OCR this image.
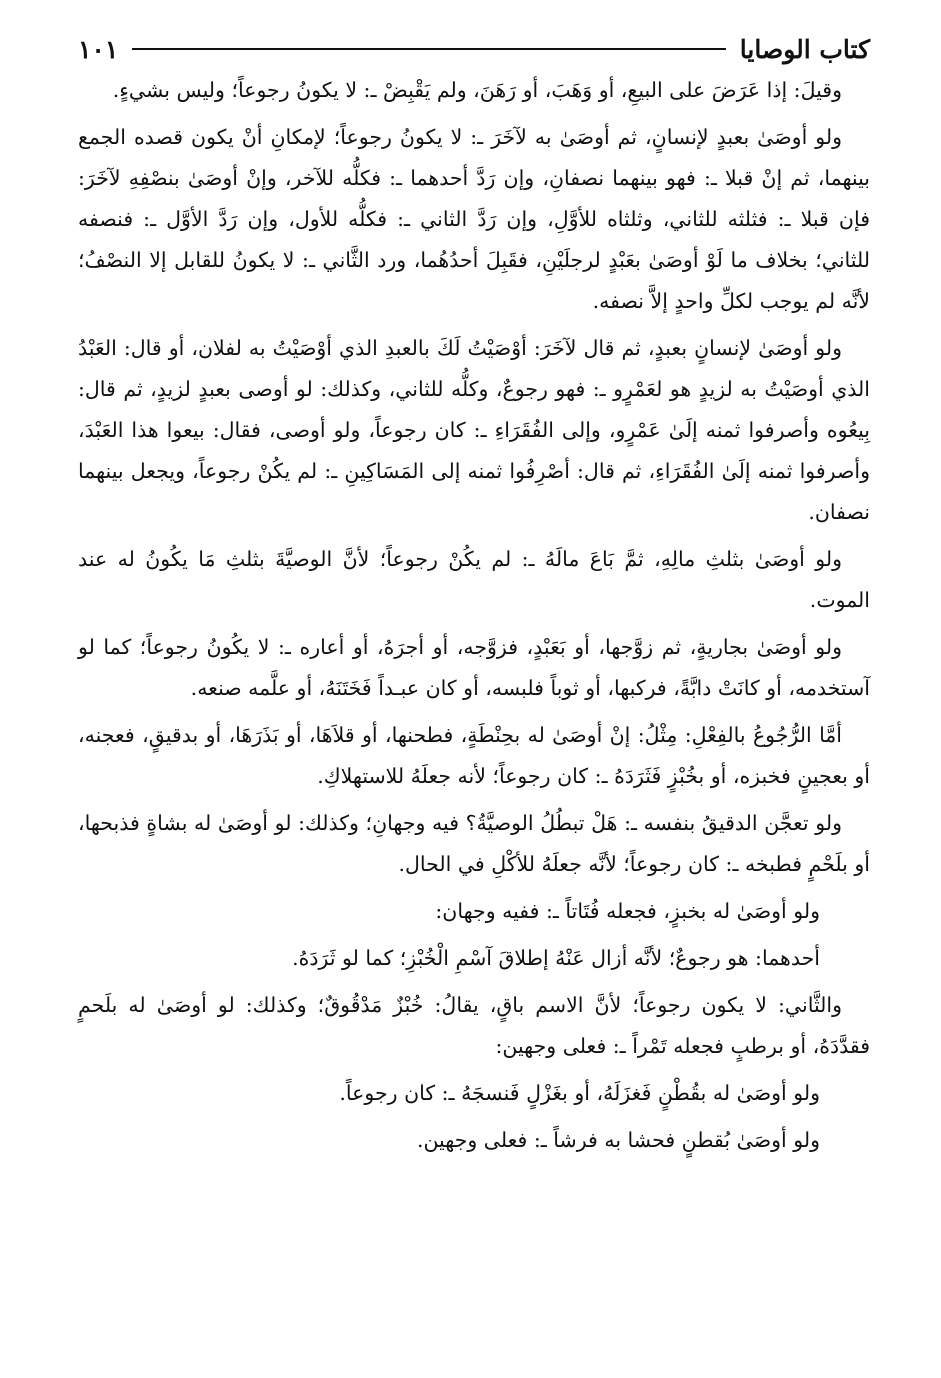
كتاب الوصايا
١٠١

وقيلَ: إذا عَرَضَ على البيعِ، أو وَهَبَ، أو رَهَنَ، ولم يَقْبِضْ ـ: لا يكونُ رجوعاً؛ وليس بشيءٍ.

ولو أوصَىٰ بعبدٍ لإنسانٍ، ثم أوصَىٰ به لآخَرَ ـ: لا يكونُ رجوعاً؛ لإمكانِ أنْ يكون قصده الجمع بينهما، ثم إنْ قبلا ـ: فهو بينهما نصفانِ، وإن رَدَّ أحدهما ـ: فكلُّه للآخر، وإنْ أوصَىٰ بنصْفِهِ لآخَرَ: فإن قبلا ـ: فثلثه للثاني، وثلثاه للأوَّلِ، وإن رَدَّ الثاني ـ: فكلُّه للأول، وإن رَدَّ الأوَّل ـ: فنصفه للثاني؛ بخلاف ما لَوْ أوصَىٰ بعَبْدٍ لرجلَيْنِ، فقَبِلَ أحدُهُما، ورد الثَّاني ـ: لا يكونُ للقابل إلا النصْفُ؛ لأنَّه لم يوجب لكلِّ واحدٍ إلاَّ نصفه.

ولو أوصَىٰ لإنسانٍ بعبدٍ، ثم قال لآخَرَ: أوْصَيْتُ لَكَ بالعبدِ الذي أوْصَيْتُ به لفلان، أو قال: العَبْدُ الذي أوصَيْتُ به لزيدٍ هو لعَمْرٍو ـ: فهو رجوعٌ، وكلُّه للثاني، وكذلك: لو أوصى بعبدٍ لزيدٍ، ثم قال: بِيعُوه وأصرفوا ثمنه إلَىٰ عَمْرٍو، وإلى الفُقَرَاءِ ـ: كان رجوعاً، ولو أوصى، فقال: بيعوا هذا العَبْدَ، وأصرفوا ثمنه إلَىٰ الفُقَرَاءِ، ثم قال: أصْرِفُوا ثمنه إلى المَسَاكِينِ ـ: لم يكُنْ رجوعاً، ويجعل بينهما نصفان.

ولو أوصَىٰ بثلثِ مالِهِ، ثمَّ بَاعَ مالَهُ ـ: لم يكُنْ رجوعاً؛ لأنَّ الوصيَّةَ بثلثِ مَا يكُونُ له عند الموت.

ولو أوصَىٰ بجاريةٍ، ثم زوَّجها، أو بَعَبْدٍ، فزوَّجه، أو أجرَهُ، أو أعاره ـ: لا يكُونُ رجوعاً؛ كما لو آستخدمه، أو كانَتْ دابَّةً، فركبها، أو ثوباً فلبسه، أو كان عبـداً فَخَتَنَهُ، أو علَّمه صنعه.

أمَّا الرُّجُوعُ بالفِعْلِ: مِثْلُ: إنْ أوصَىٰ له بحِنْطَةٍ، فطحنها، أو قلاَهَا، أو بَذَرَهَا، أو بدقيقٍ، فعجنه، أو بعجينٍ فخبزه، أو بخُبْزٍ فَثَرَدَهُ ـ: كان رجوعاً؛ لأنه جعلَهُ للاستهلاكِ.

ولو تعجَّن الدقيقُ بنفسه ـ: هَلْ تبطُلُ الوصيَّةُ؟ فيه وجهانِ؛ وكذلك: لو أوصَىٰ له بشاةٍ فذبحها، أو بلَحْمٍ فطبخه ـ: كان رجوعاً؛ لأنَّه جعلَهُ للأكْلِ في الحال.

ولو أوصَىٰ له بخبزٍ، فجعله فُتَاتاً ـ: ففيه وجهان:

أحدهما: هو رجوعٌ؛ لأنَّه أزال عَنْهُ إطلاقَ آسْمِ الْخُبْزِ؛ كما لو ثَرَدَهُ.

والثَّاني: لا يكون رجوعاً؛ لأنَّ الاسم باقٍ، يقالُ: خُبْزٌ مَدْقُوقٌ؛ وكذلك: لو أوصَىٰ له بلَحمٍ فقدَّدَهُ، أو برطبٍ فجعله تَمْراً ـ: فعلى وجهين:

ولو أوصَىٰ له بقُطْنٍ فَغزَلَهُ، أو بغَزْلٍ فَنسجَهُ ـ: كان رجوعاً.

ولو أوصَىٰ بُقطنٍ فحشا به فرشاً ـ: فعلى وجهين.
